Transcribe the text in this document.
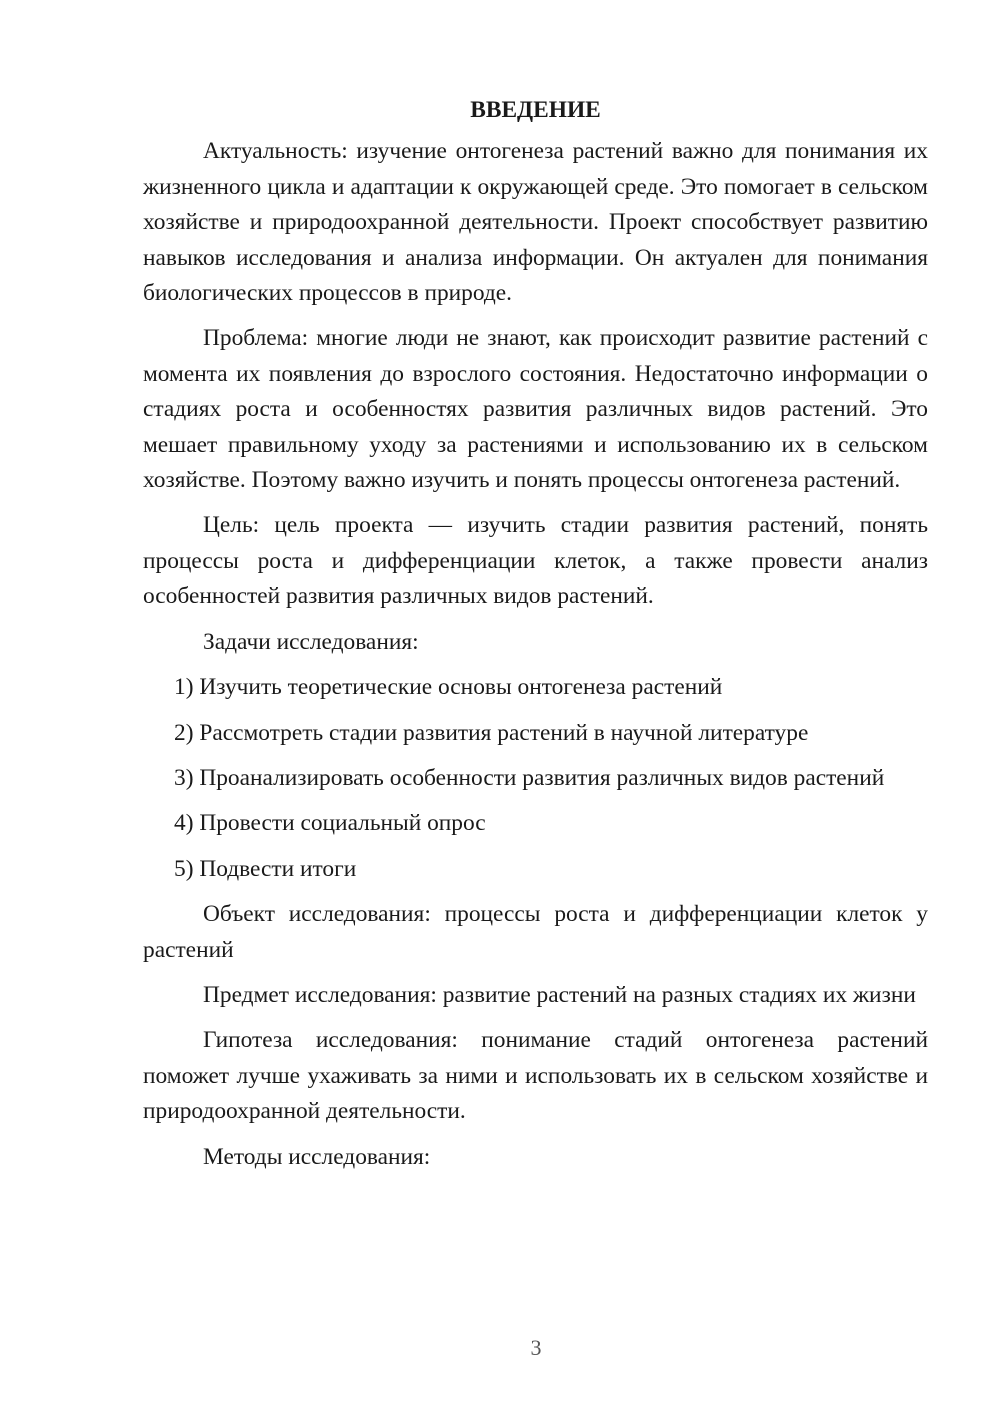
ВВЕДЕНИЕ

Актуальность: изучение онтогенеза растений важно для понимания их жизненного цикла и адаптации к окружающей среде. Это помогает в сельском хозяйстве и природоохранной деятельности. Проект способствует развитию навыков исследования и анализа информации. Он актуален для понимания биологических процессов в природе.

Проблема: многие люди не знают, как происходит развитие растений с момента их появления до взрослого состояния. Недостаточно информации о стадиях роста и особенностях развития различных видов растений. Это мешает правильному уходу за растениями и использованию их в сельском хозяйстве. Поэтому важно изучить и понять процессы онтогенеза растений.

Цель: цель проекта — изучить стадии развития растений, понять процессы роста и дифференциации клеток, а также провести анализ особенностей развития различных видов растений.

Задачи исследования:

1) Изучить теоретические основы онтогенеза растений

2) Рассмотреть стадии развития растений в научной литературе

3) Проанализировать особенности развития различных видов растений

4) Провести социальный опрос

5) Подвести итоги

Объект исследования: процессы роста и дифференциации клеток у растений

Предмет исследования: развитие растений на разных стадиях их жизни

Гипотеза исследования: понимание стадий онтогенеза растений поможет лучше ухаживать за ними и использовать их в сельском хозяйстве и природоохранной деятельности.

Методы исследования:

3
